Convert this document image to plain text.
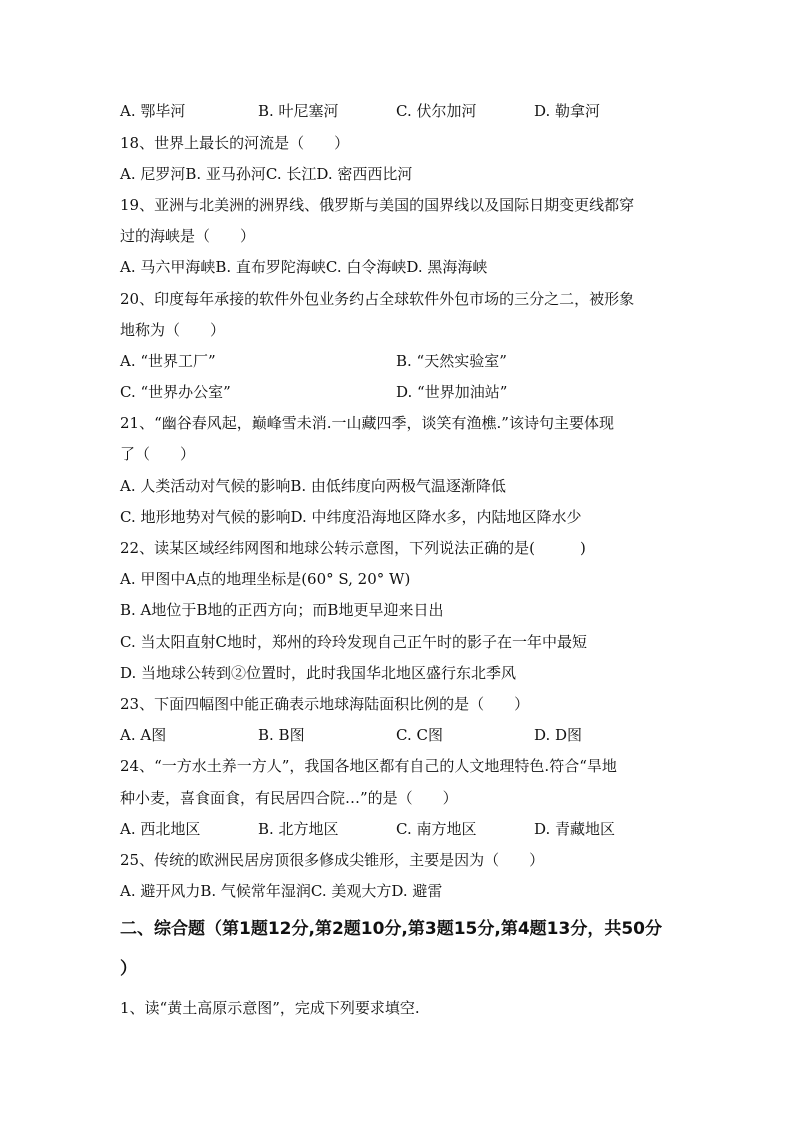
A. 鄂毕河	B. 叶尼塞河	C. 伏尔加河	D. 勒拿河
18、世界上最长的河流是（　　）
A. 尼罗河B. 亚马孙河C. 长江D. 密西西比河
19、亚洲与北美洲的洲界线、俄罗斯与美国的国界线以及国际日期变更线都穿
过的海峡是（　　）
A. 马六甲海峡B. 直布罗陀海峡C. 白令海峡D. 黑海海峡
20、印度每年承接的软件外包业务约占全球软件外包市场的三分之二，被形象
地称为（　　）
A. “世界工厂”	B. “天然实验室”
C. “世界办公室”	D. “世界加油站”
21、“幽谷春风起，巅峰雪未消.一山藏四季，谈笑有渔樵.”该诗句主要体现
了（　　）
A. 人类活动对气候的影响B. 由低纬度向两极气温逐渐降低
C. 地形地势对气候的影响D. 中纬度沿海地区降水多，内陆地区降水少
22、读某区域经纬网图和地球公转示意图，下列说法正确的是(　　　)
A. 甲图中A点的地理坐标是(60° S, 20° W)
B. A地位于B地的正西方向；而B地更早迎来日出
C. 当太阳直射C地时，郑州的玲玲发现自己正午时的影子在一年中最短
D. 当地球公转到②位置时，此时我国华北地区盛行东北季风
23、下面四幅图中能正确表示地球海陆面积比例的是（　　）
A. A图	B. B图	C. C图	D. D图
24、“一方水土养一方人”，我国各地区都有自己的人文地理特色.符合“旱地
种小麦，喜食面食，有民居四合院…”的是（　　）
A. 西北地区	B. 北方地区	C. 南方地区	D. 青藏地区
25、传统的欧洲民居房顶很多修成尖锥形，主要是因为（　　）
A. 避开风力B. 气候常年湿润C. 美观大方D. 避雷
二、综合题（第1题12分,第2题10分,第3题15分,第4题13分，共50分
）
1、读“黄土高原示意图”，完成下列要求填空.
